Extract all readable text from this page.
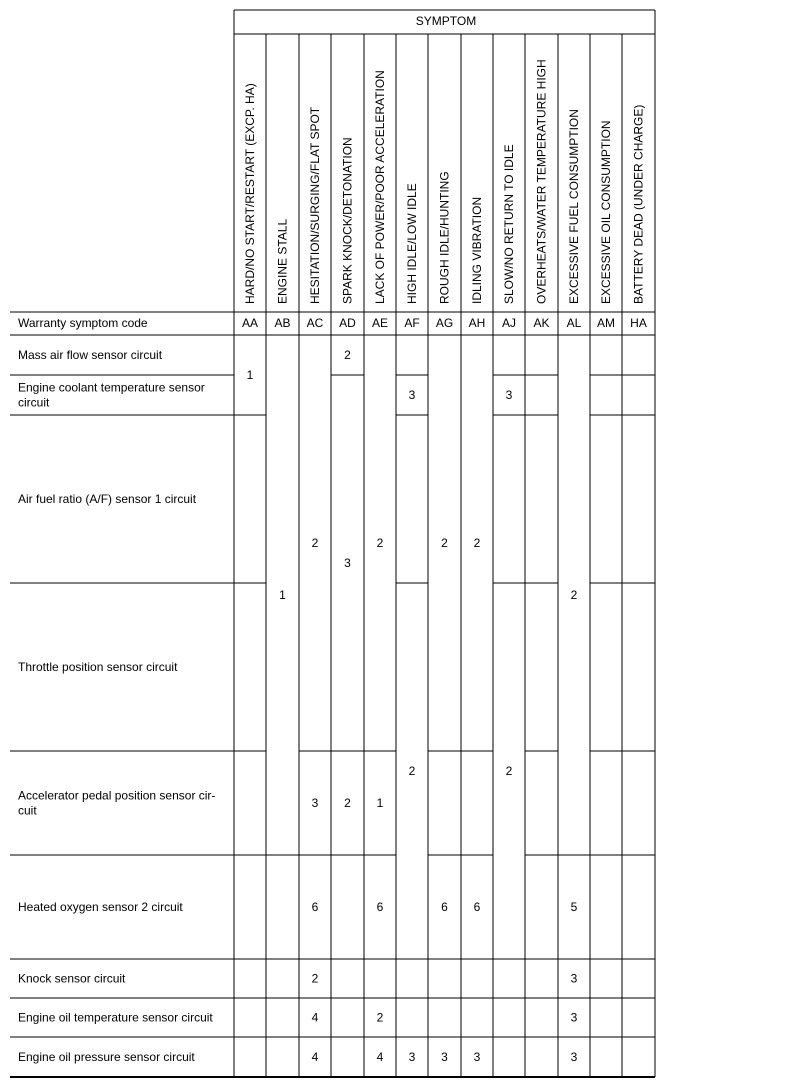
SYMPTOM
Warranty symptom code
HARD/NO START/RESTART (EXCP. HA) ENGINE STALL HESITATION/SURGING/FLAT SPOT SPARK KNOCK/DETONATION LACK OF POWER/POOR ACCELERATION HIGH IDLE/LOW IDLE ROUGH IDLE/HUNTING IDLING VIBRATION SLOW/NO RETURN TO IDLE OVERHEATS/WATER TEMPERATURE HIGH EXCESSIVE FUEL CONSUMPTION EXCESSIVE OIL CONSUMPTION BATTERY DEAD (UNDER CHARGE)
AA AB AC AD AE AF AG AH AJ AK AL AM HA
Mass air flow sensor circuit
Engine coolant temperature sensor circuit
Air fuel ratio (A/F) sensor 1 circuit
Throttle position sensor circuit
Accelerator pedal position sensor cir-cuit
Heated oxygen sensor 2 circuit
Knock sensor circuit
Engine oil temperature sensor circuit
Engine oil pressure sensor circuit
1
1
2
3
6
2
4
4
2
3
2
2
1
6
2
4
3
2
3
2
6
3
2
6
3
3
2
2
5
3
3
3
